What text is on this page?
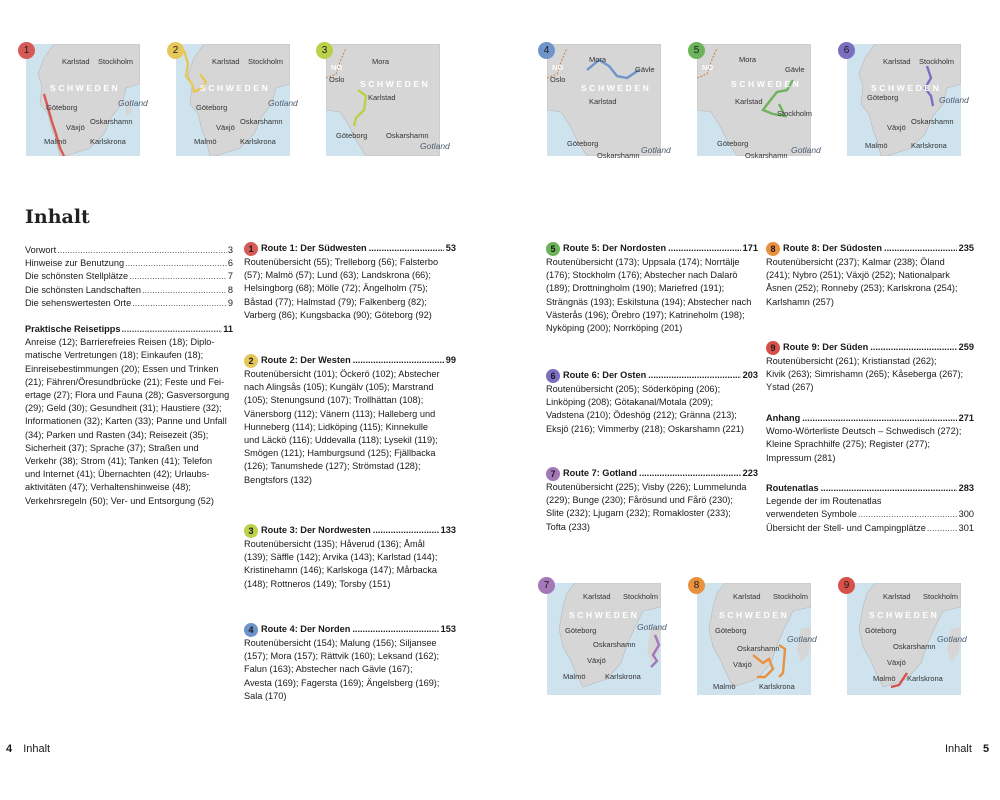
Karlstad Stockholm
SCHWEDEN
Göteborg	Gotland
Växjö
Oskarshamn
Malmö	Karlskrona
1
Karlstad Stockholm
SCHWEDEN
Göteborg	Gotland
Växjö
Oskarshamn
Malmö	Karlskrona
2
NO
Mora
Oslo SCHWEDEN
Karlstad
Göteborg Oskarshamn
Gotland
3
NO
Mora
Gävle
Oslo
SCHWEDEN
Karlstad
Göteborg
Oskarshamn
Gotland
4
NO
Mora
Gävle
SCHWEDEN
Karlstad
Stockholm
Göteborg
Oskarshamn
Gotland
5
Karlstad Stockholm
SCHWEDEN
Göteborg	Gotland
Växjö
Oskarshamn
Malmö	Karlskrona
6
Inhalt
Vorwort .....	3
Hinweise zur Benutzung .....	6
Die schönsten Stellplätze .....	7
Die schönsten Landschaften .....	8
Die sehenswertesten Orte .....	9
Praktische Reisetipps .....	11
Anreise (12); Barrierefreies Reisen (18); Diplo-
matische Vertretungen (18); Einkaufen (18);
Einreisebestimmungen (20); Essen und Trinken
(21); Fähren/Öresundbrücke (21); Feste und Fei-
ertage (27); Flora und Fauna (28); Gasversorgung
(29); Geld (30); Gesundheit (31); Haustiere (32);
Informationen (32); Karten (33); Panne und Unfall
(34); Parken und Rasten (34); Reisezeit (35);
Sicherheit (37); Sprache (37); Straßen und
Verkehr (38); Strom (41); Tanken (41); Telefon
und Internet (41); Übernachten (42); Urlaubs-
aktivitäten (47); Verhaltenshinweise (48);
Verkehrsregeln (50); Ver- und Entsorgung (52)
1 Route 1: Der Südwesten .....	53
Routenübersicht (55); Trelleborg (56); Falsterbo
(57); Malmö (57); Lund (63); Landskrona (66);
Helsingborg (68); Mölle (72); Ängelholm (75);
Båstad (77); Halmstad (79); Falkenberg (82);
Varberg (86); Kungsbacka (90); Göteborg (92)
2 Route 2: Der Westen .....	99
Routenübersicht (101); Öckerö (102); Abstecher
nach Alingsås (105); Kungälv (105); Marstrand
(105); Stenungsund (107); Trollhättan (108);
Vänersborg (112); Vänern (113); Halleberg und
Hunneberg (114); Lidköping (115); Kinnekulle
und Läckö (116); Uddevalla (118); Lysekil (119);
Smögen (121); Hamburgsund (125); Fjällbacka
(126); Tanumshede (127); Strömstad (128);
Bengtsfors (132)
3 Route 3: Der Nordwesten .....	133
Routenübersicht (135); Håverud (136); Åmål
(139); Säffle (142); Arvika (143); Karlstad (144);
Kristinehamn (146); Karlskoga (147); Mårbacka
(148); Rottneros (149); Torsby (151)
4 Route 4: Der Norden .....	153
Routenübersicht (154); Malung (156); Siljansee
(157); Mora (157); Rättvik (160); Leksand (162);
Falun (163); Abstecher nach Gävle (167);
Avesta (169); Fagersta (169); Ängelsberg (169);
Sala (170)
5 Route 5: Der Nordosten .....	171
Routenübersicht (173); Uppsala (174); Norrtälje
(176); Stockholm (176); Abstecher nach Dalarö
(189); Drottningholm (190); Mariefred (191);
Strängnäs (193); Eskilstuna (194); Abstecher nach
Västerås (196); Örebro (197); Katrineholm (198);
Nyköping (200); Norrköping (201)
6 Route 6: Der Osten .....	203
Routenübersicht (205); Söderköping (206);
Linköping (208); Götakanal/Motala (209);
Vadstena (210); Ödeshög (212); Gränna (213);
Eksjö (216); Vimmerby (218); Oskarshamn (221)
7 Route 7: Gotland .....	223
Routenübersicht (225); Visby (226); Lummelunda
(229); Bunge (230); Fårösund und Fårö (230);
Slite (232); Ljugarn (232); Romakloster (233);
Tofta (233)
8 Route 8: Der Südosten .....	235
Routenübersicht (237); Kalmar (238); Öland
(241); Nybro (251); Växjö (252); Nationalpark
Åsnen (252); Ronneby (253); Karlskrona (254);
Karlshamn (257)
9 Route 9: Der Süden .....	259
Routenübersicht (261); Kristianstad (262);
Kivik (263); Simrishamn (265); Kåseberga (267);
Ystad (267)
Anhang .....	271
Womo-Wörterliste Deutsch – Schwedisch (272);
Kleine Sprachhilfe (275); Register (277);
Impressum (281)
Routenatlas .....	283
Legende der im Routenatlas
verwendeten Symbole .....	300
Übersicht der Stell- und Campingplätze .....	301
Karlstad Stockholm
SCHWEDEN
Göteborg	Gotland
Oskarshamn
Växjö
Malmö	Karlskrona
7
Karlstad Stockholm
SCHWEDEN
Göteborg
Gotland
Oskarshamn
Växjö
Malmö	Karlskrona
8
Karlstad Stockholm
SCHWEDEN
Göteborg
Gotland
Oskarshamn
Växjö
Malmö Karlskrona
9
4 Inhalt	Inhalt 5
